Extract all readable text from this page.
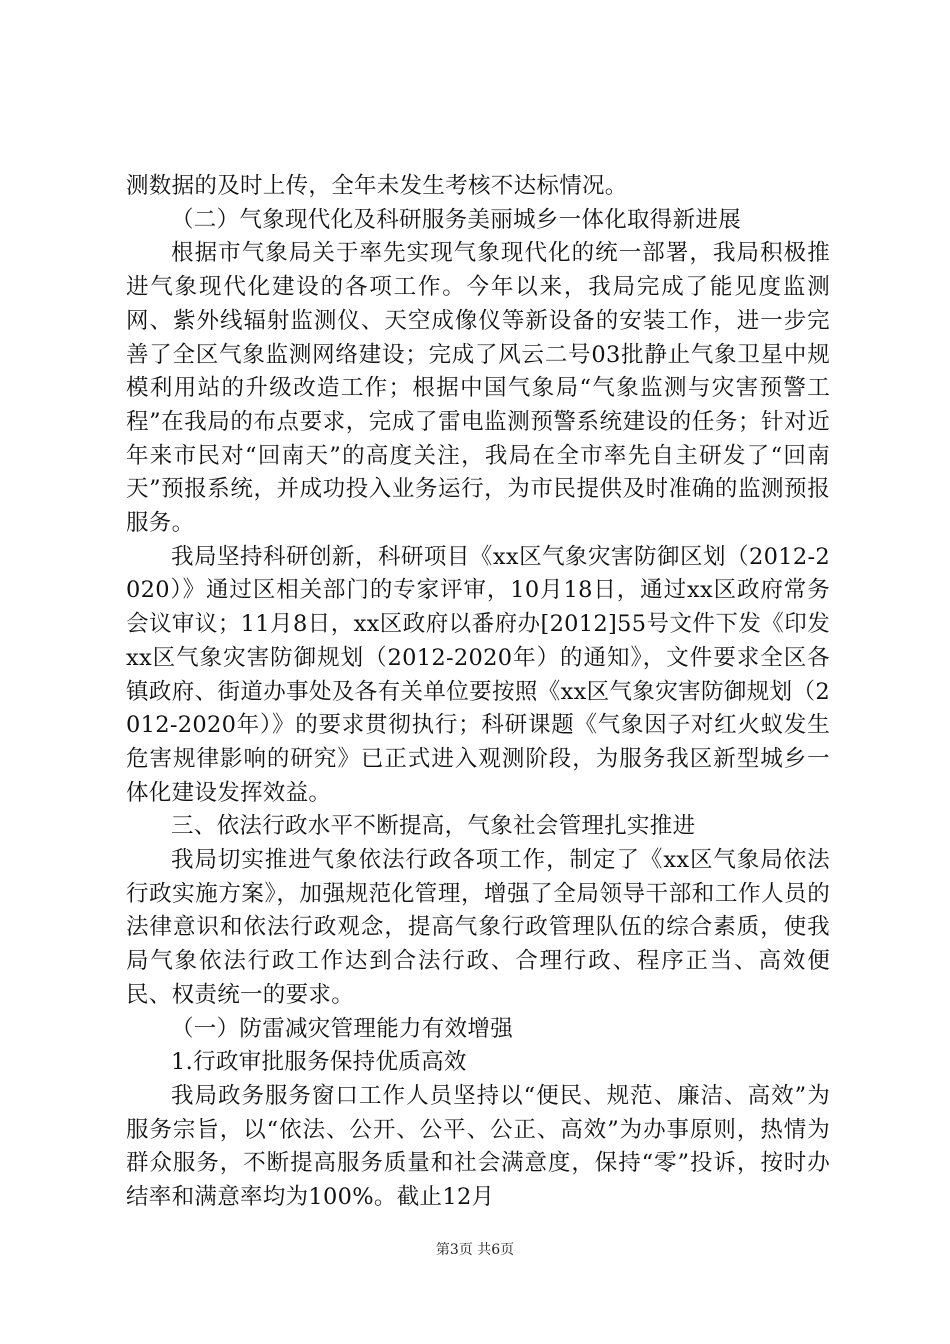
测数据的及时上传，全年未发生考核不达标情况。

（二）气象现代化及科研服务美丽城乡一体化取得新进展

根据市气象局关于率先实现气象现代化的统一部署，我局积极推进气象现代化建设的各项工作。今年以来，我局完成了能见度监测网、紫外线辐射监测仪、天空成像仪等新设备的安装工作，进一步完善了全区气象监测网络建设；完成了风云二号03批静止气象卫星中规模利用站的升级改造工作；根据中国气象局“气象监测与灾害预警工程”在我局的布点要求，完成了雷电监测预警系统建设的任务；针对近年来市民对“回南天”的高度关注，我局在全市率先自主研发了“回南天”预报系统，并成功投入业务运行，为市民提供及时准确的监测预报服务。

我局坚持科研创新，科研项目《xx区气象灾害防御区划（2012-2020）》通过区相关部门的专家评审，10月18日，通过xx区政府常务会议审议；11月8日，xx区政府以番府办[2012]55号文件下发《印发xx区气象灾害防御规划（2012-2020年）的通知》，文件要求全区各镇政府、街道办事处及各有关单位要按照《xx区气象灾害防御规划（2012-2020年）》的要求贯彻执行；科研课题《气象因子对红火蚁发生危害规律影响的研究》已正式进入观测阶段，为服务我区新型城乡一体化建设发挥效益。

三、依法行政水平不断提高，气象社会管理扎实推进

我局切实推进气象依法行政各项工作，制定了《xx区气象局依法行政实施方案》，加强规范化管理，增强了全局领导干部和工作人员的法律意识和依法行政观念，提高气象行政管理队伍的综合素质，使我局气象依法行政工作达到合法行政、合理行政、程序正当、高效便民、权责统一的要求。

（一）防雷减灾管理能力有效增强

1.行政审批服务保持优质高效

我局政务服务窗口工作人员坚持以“便民、规范、廉洁、高效”为服务宗旨，以“依法、公开、公平、公正、高效”为办事原则，热情为群众服务，不断提高服务质量和社会满意度，保持“零”投诉，按时办结率和满意率均为100%。截止12月

第3页 共6页
